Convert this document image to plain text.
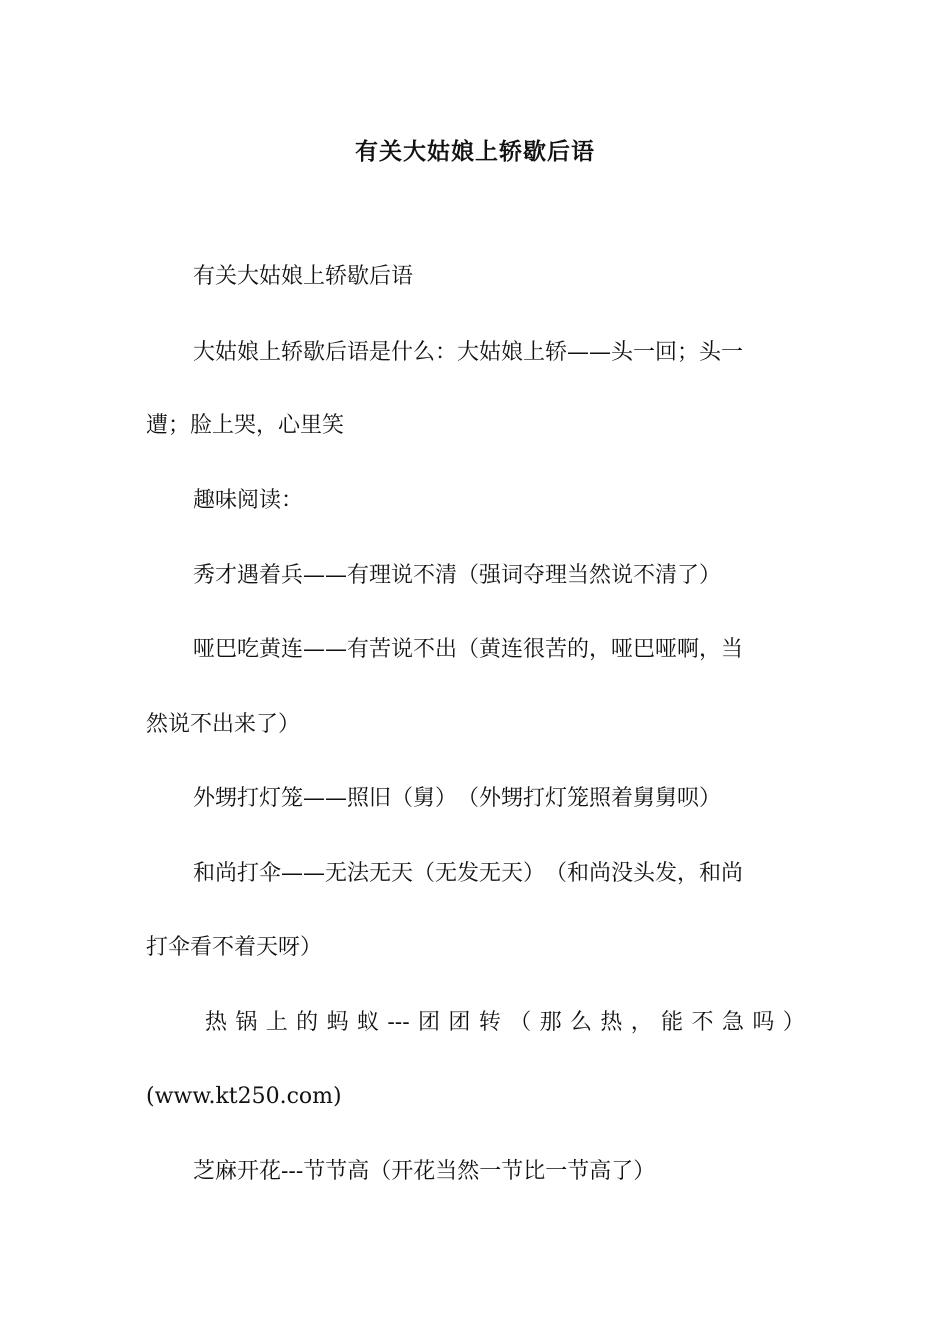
有关大姑娘上轿歇后语
有关大姑娘上轿歇后语
大姑娘上轿歇后语是什么：大姑娘上轿——头一回；头一
遭；脸上哭，心里笑
趣味阅读：
秀才遇着兵——有理说不清（强词夺理当然说不清了）
哑巴吃黄连——有苦说不出（黄连很苦的，哑巴哑啊，当
然说不出来了）
外甥打灯笼——照旧（舅）　（外甥打灯笼照着舅舅呗）
和尚打伞——无法无天（无发无天）　（和尚没头发，和尚
打伞看不着天呀）
热 锅 上 的 蚂 蚁 --- 团 团 转 （ 那 么 热 ， 能 不 急 吗 ）
(www.kt250.com)
芝麻开花---节节高（开花当然一节比一节高了）
